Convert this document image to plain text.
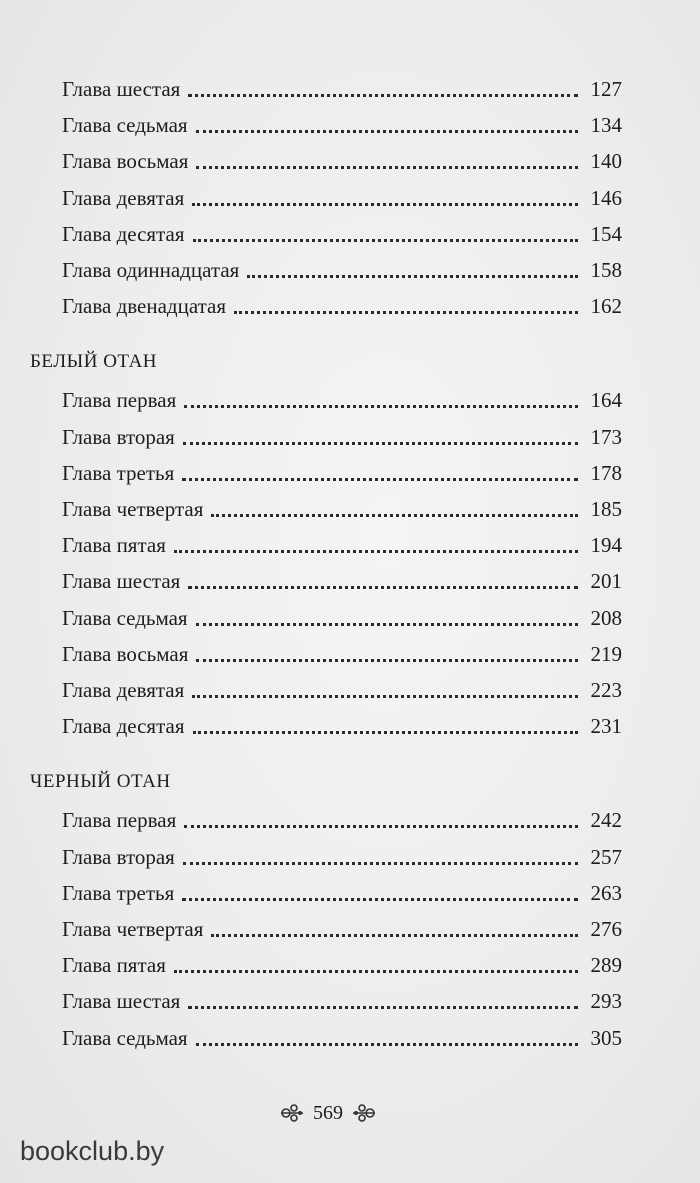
Глава шестая	127
Глава седьмая	134
Глава восьмая	140
Глава девятая	146
Глава десятая	154
Глава одиннадцатая	158
Глава двенадцатая	162
БЕЛЫЙ ОТАН
Глава первая	164
Глава вторая	173
Глава третья	178
Глава четвертая	185
Глава пятая	194
Глава шестая	201
Глава седьмая	208
Глава восьмая	219
Глава девятая	223
Глава десятая	231
ЧЕРНЫЙ ОТАН
Глава первая	242
Глава вторая	257
Глава третья	263
Глава четвертая	276
Глава пятая	289
Глава шестая	293
Глава седьмая	305
569
bookclub.by
